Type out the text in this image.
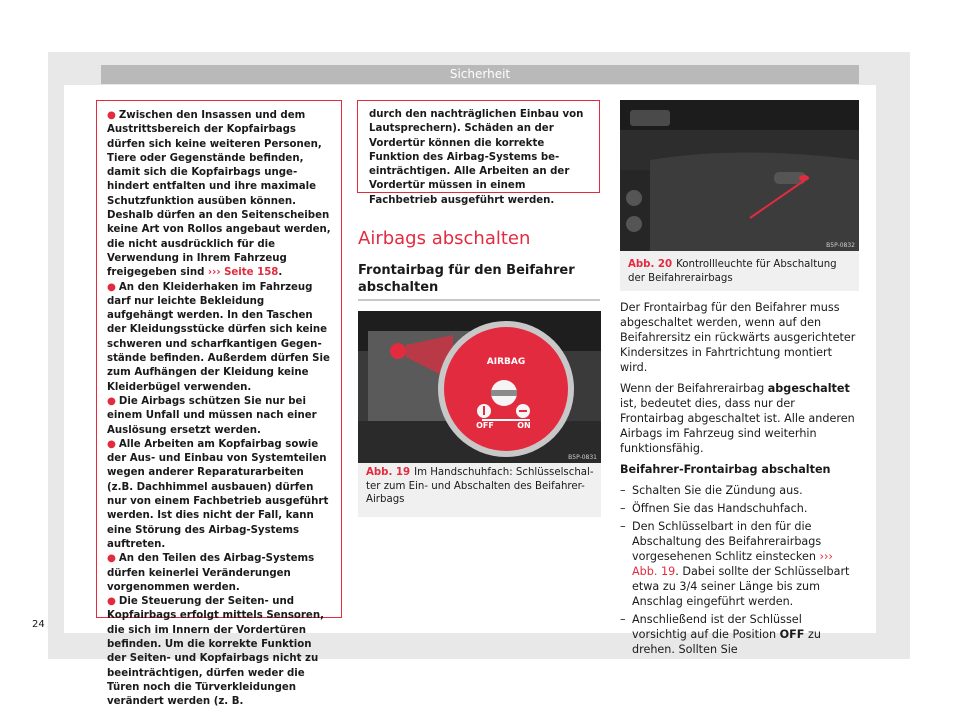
Sicherheit

● Zwischen den Insassen und dem Austrittsbereich der Kopfairbags dürfen sich keine weiteren Personen, Tiere oder Gegenstände befinden, damit sich die Kopfairbags ungehindert entfalten und ihre maximale Schutzfunktion ausüben können. Deshalb dürfen an den Seitenscheiben keine Art von Rollos angebaut werden, die nicht ausdrücklich für die Verwendung in Ihrem Fahrzeug freigegeben sind ››› Seite 158.

● An den Kleiderhaken im Fahrzeug darf nur leichte Bekleidung aufgehängt werden. In den Taschen der Kleidungsstücke dürfen sich keine schweren und scharfkantigen Gegenstände befinden. Außerdem dürfen Sie zum Aufhängen der Kleidung keine Kleiderbügel verwenden.

● Die Airbags schützen Sie nur bei einem Unfall und müssen nach einer Auslösung ersetzt werden.

● Alle Arbeiten am Kopfairbag sowie der Aus- und Einbau von Systemteilen wegen anderer Reparaturarbeiten (z.B. Dachhimmel ausbauen) dürfen nur von einem Fachbetrieb ausgeführt werden. Ist dies nicht der Fall, kann eine Störung des Airbag-Systems auftreten.

● An den Teilen des Airbag-Systems dürfen keinerlei Veränderungen vorgenommen werden.

● Die Steuerung der Seiten- und Kopfairbags erfolgt mittels Sensoren, die sich im Innern der Vordertüren befinden. Um die korrekte Funktion der Seiten- und Kopfairbags nicht zu beeinträchtigen, dürfen weder die Türen noch die Türverkleidungen verändert werden (z. B.

durch den nachträglichen Einbau von Lautsprechern). Schäden an der Vordertür können die korrekte Funktion des Airbag-Systems beeinträchtigen. Alle Arbeiten an der Vordertür müssen in einem Fachbetrieb ausgeführt werden.
Airbags abschalten
Frontairbag für den Beifahrer abschalten
AIRBAG
OFF	ON
B5P-0831
Abb. 19 Im Handschuhfach: Schlüsselschalter zum Ein- und Abschalten des Beifahrer-Airbags
B5P-0832
Abb. 20 Kontrollleuchte für Abschaltung der Beifahrerairbags

Der Frontairbag für den Beifahrer muss abgeschaltet werden, wenn auf den Beifahrersitz ein rückwärts ausgerichteter Kindersitzes in Fahrtrichtung montiert wird.

Wenn der Beifahrerairbag abgeschaltet ist, bedeutet dies, dass nur der Frontairbag abgeschaltet ist. Alle anderen Airbags im Fahrzeug sind weiterhin funktionsfähig.

Beifahrer-Frontairbag abschalten

– Schalten Sie die Zündung aus.
– Öffnen Sie das Handschuhfach.
– Den Schlüsselbart in den für die Abschaltung des Beifahrerairbags vorgesehenen Schlitz einstecken ››› Abb. 19. Dabei sollte der Schlüsselbart etwa zu 3/4 seiner Länge bis zum Anschlag eingeführt werden.
– Anschließend ist der Schlüssel vorsichtig auf die Position OFF zu drehen. Sollten Sie
24
